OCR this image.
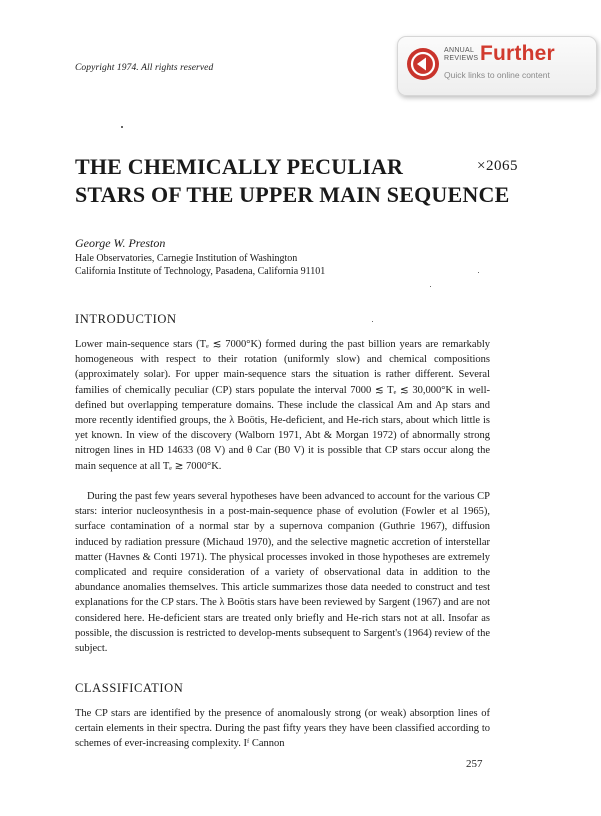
Copyright 1974. All rights reserved
ANNUAL
REVIEWS Further
Quick links to online content
THE CHEMICALLY PECULIAR
STARS OF THE UPPER MAIN SEQUENCE
×2065
George W. Preston
Hale Observatories, Carnegie Institution of Washington
California Institute of Technology, Pasadena, California 91101
INTRODUCTION

Lower main-sequence stars (Tₑ ≲ 7000°K) formed during the past billion years are remarkably homogeneous with respect to their rotation (uniformly slow) and chemical compositions (approximately solar). For upper main-sequence stars the situation is rather different. Several families of chemically peculiar (CP) stars populate the interval 7000 ≲ Tₑ ≲ 30,000°K in well-defined but overlapping temperature domains. These include the classical Am and Ap stars and more recently identified groups, the λ Boötis, He-deficient, and He-rich stars, about which little is yet known. In view of the discovery (Walborn 1971, Abt & Morgan 1972) of abnormally strong nitrogen lines in HD 14633 (08 V) and θ Car (B0 V) it is possible that CP stars occur along the main sequence at all Tₑ ≳ 7000°K.

During the past few years several hypotheses have been advanced to account for the various CP stars: interior nucleosynthesis in a post-main-sequence phase of evolution (Fowler et al 1965), surface contamination of a normal star by a supernova companion (Guthrie 1967), diffusion induced by radiation pressure (Michaud 1970), and the selective magnetic accretion of interstellar matter (Havnes & Conti 1971). The physical processes invoked in those hypotheses are extremely complicated and require consideration of a variety of observational data in addition to the abundance anomalies themselves. This article summarizes those data needed to construct and test explanations for the CP stars. The λ Boötis stars have been reviewed by Sargent (1967) and are not considered here. He-deficient stars are treated only briefly and He-rich stars not at all. Insofar as possible, the discussion is restricted to develop-ments subsequent to Sargent's (1964) review of the subject.

CLASSIFICATION

The CP stars are identified by the presence of anomalously strong (or weak) absorption lines of certain elements in their spectra. During the past fifty years they have been classified according to schemes of ever-increasing complexity. Iᶠ Cannon

257
